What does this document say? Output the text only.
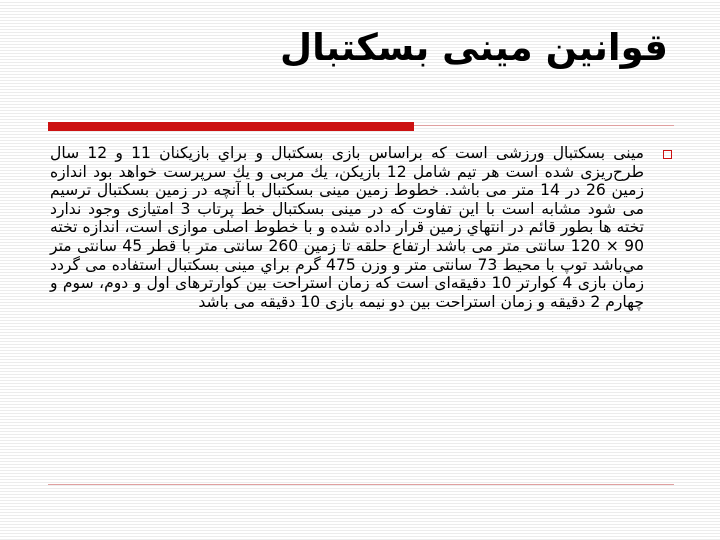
قوانين مينی بسکتبال

مينی بسکتبال ورزشی است که براساس بازی بسکتبال و براي بازيکنان 11 و 12 سال طرح‌ريزی شده است هر تيم شامل 12 بازيکن، يك مربی و يك سرپرست خواهد بود اندازه زمين 26 در 14 متر می باشد. خطوط زمين مينی بسکتبال با آنچه در زمين بسکتبال ترسيم می شود مشابه است با اين تفاوت که در مينی بسکتبال خط پرتاب 3 امتيازی وجود ندارد تخته ها بطور قائم در انتهاي زمين قرار داده شده و با خطوط اصلی موازی است، اندازه تخته 90 × 120 سانتی متر می باشد ارتفاع حلقه تا زمين 260 سانتی متر با قطر 45 سانتی متر مي‌باشد توپ با محيط 73 سانتی متر و وزن 475 گرم براي مينی بسکتبال استفاده می گردد زمان بازی 4 کوارتر 10 دقيقه‌ای است که زمان استراحت بين کوارترهای اول و دوم، سوم و چهارم 2 دقيقه و زمان استراحت بين دو نيمه بازی 10 دقيقه می باشد
